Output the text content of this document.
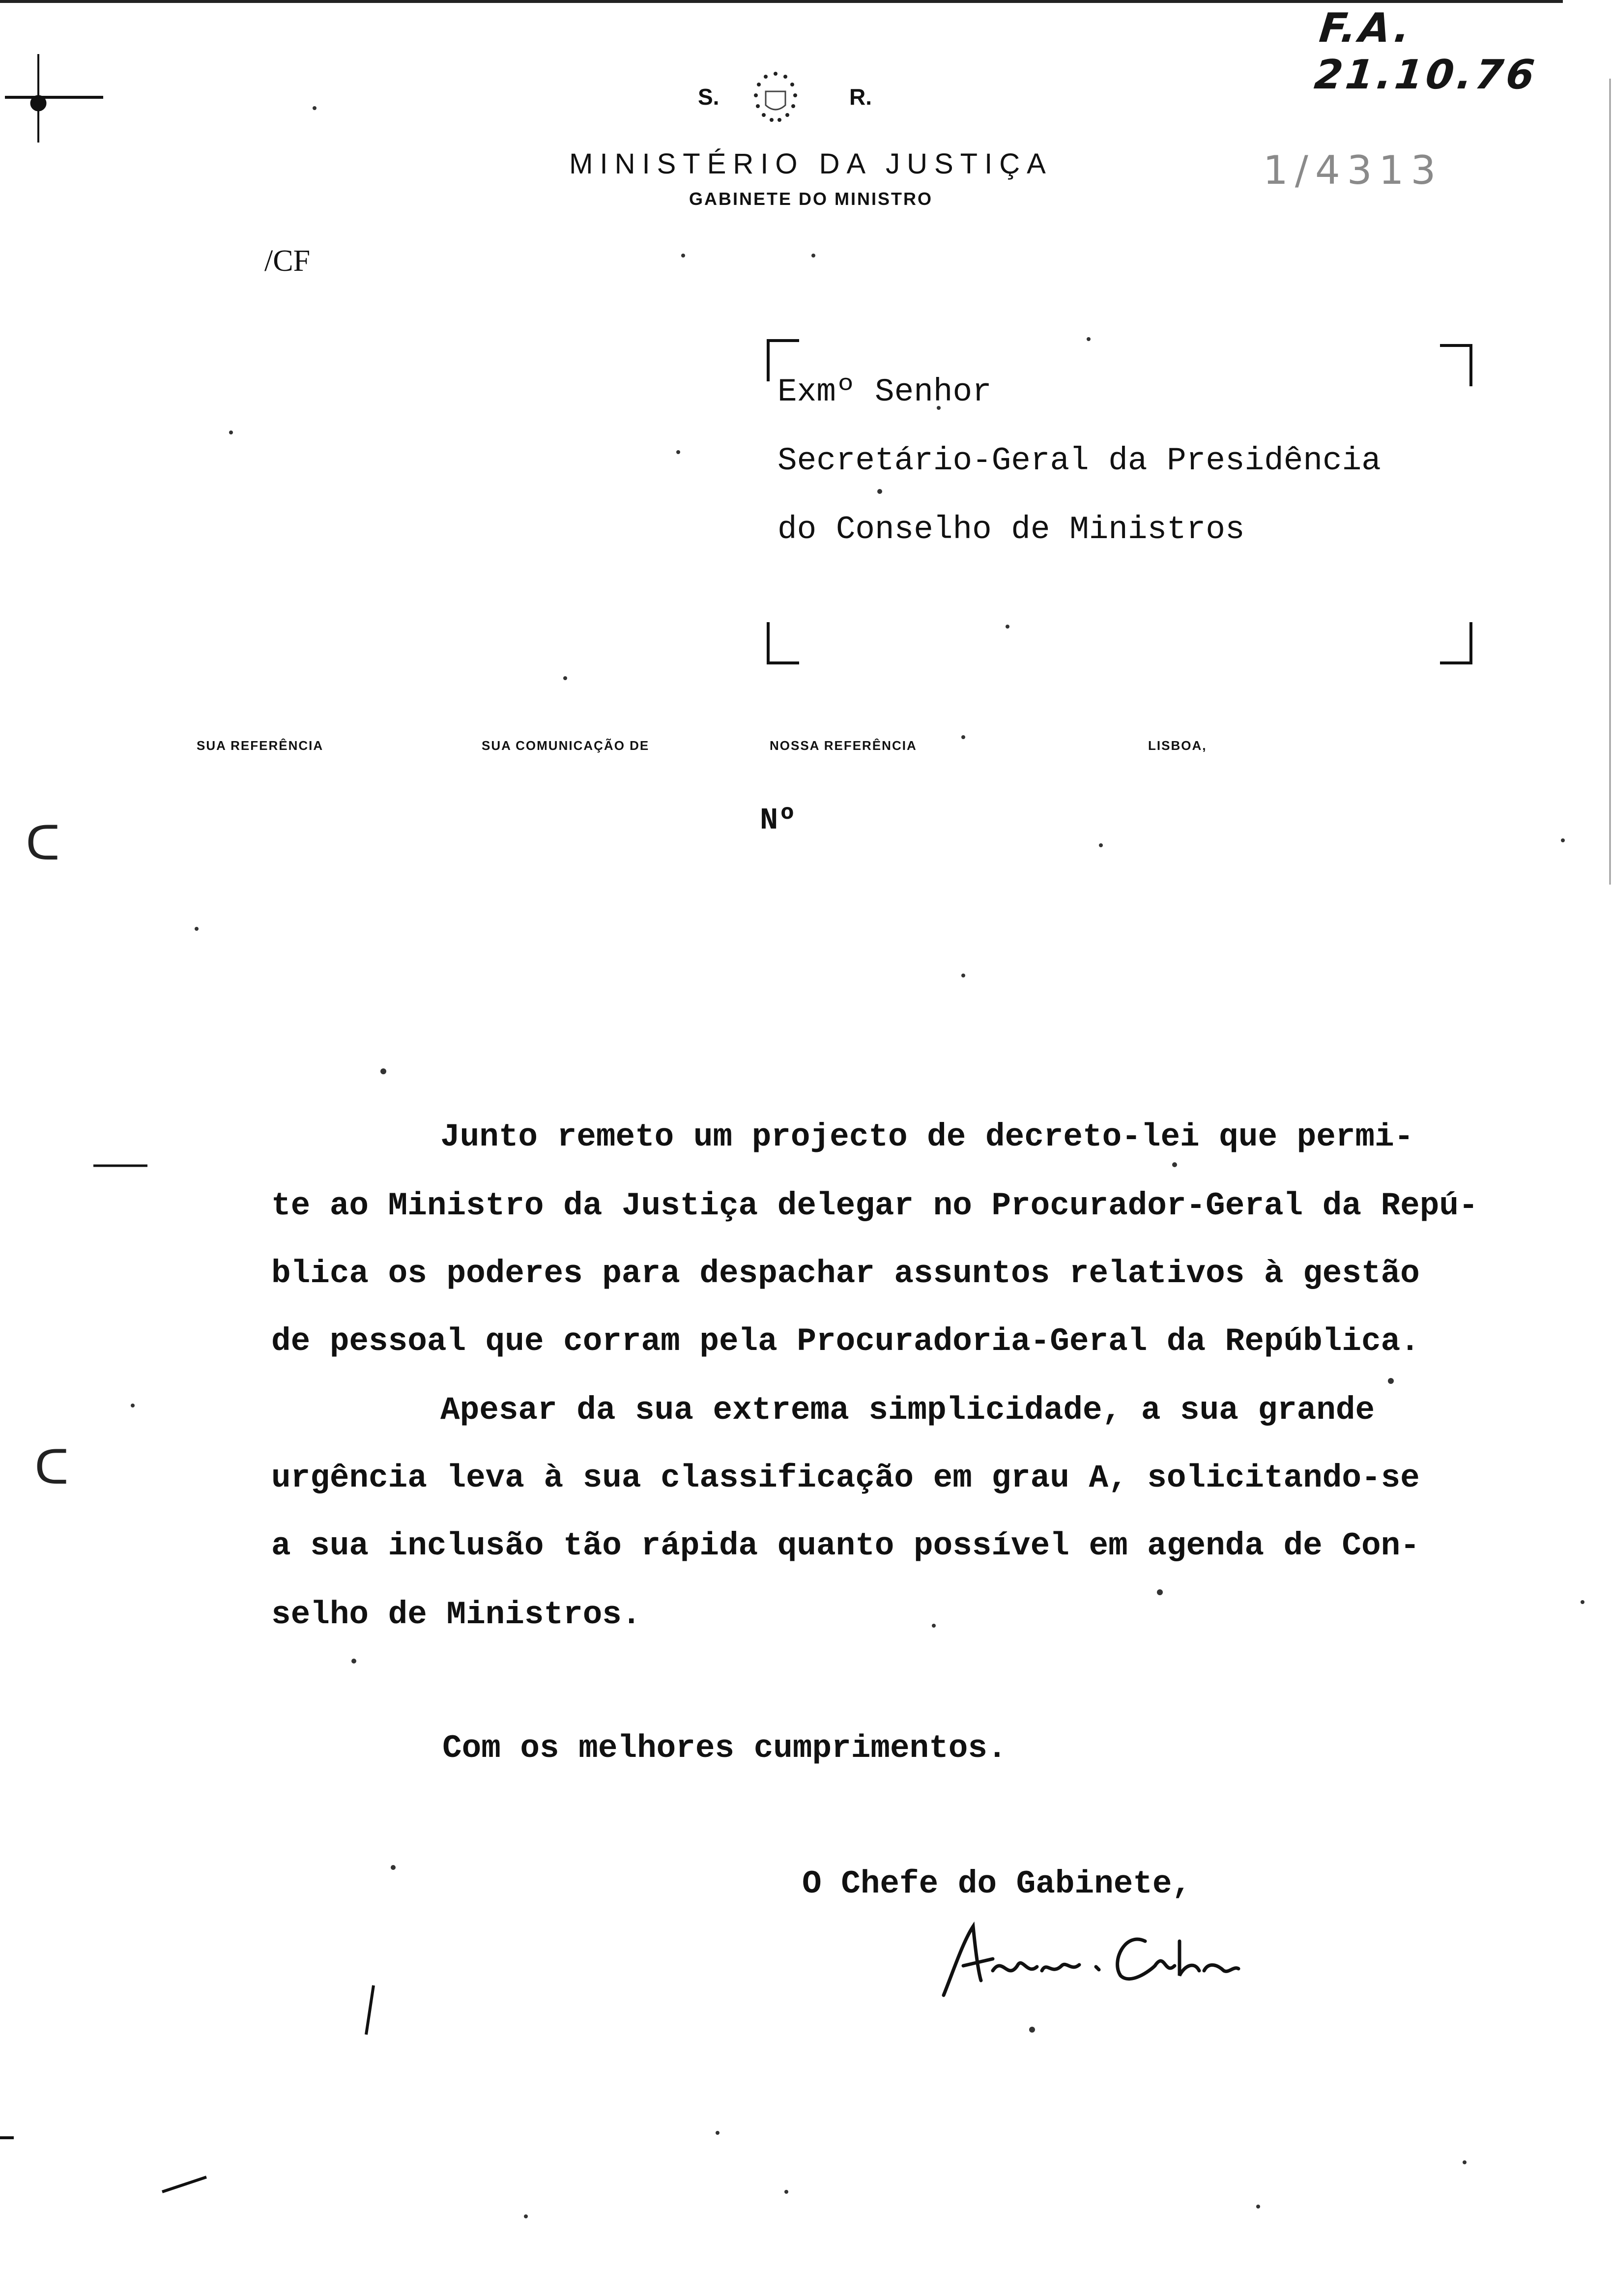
F.A. 21.10.76
1/4313
ᑕ
ᑕ
S.	R.
MINISTÉRIO DA JUSTIÇA
GABINETE DO MINISTRO
/CF
Exmº Senhor
Secretário-Geral da Presidência
do Conselho de Ministros
SUA REFERÊNCIA	SUA COMUNICAÇÃO DE	NOSSA REFERÊNCIA	LISBOA,
Nº
Junto remeto um projecto de decreto-lei que permi-
te ao Ministro da Justiça delegar no Procurador-Geral da Repú-
blica os poderes para despachar assuntos relativos à gestão
de pessoal que corram pela Procuradoria-Geral da República.
Apesar da sua extrema simplicidade, a sua grande
urgência leva à sua classificação em grau A, solicitando-se
a sua inclusão tão rápida quanto possível em agenda de Con-
selho de Ministros.
Com os melhores cumprimentos.
O Chefe do Gabinete,
